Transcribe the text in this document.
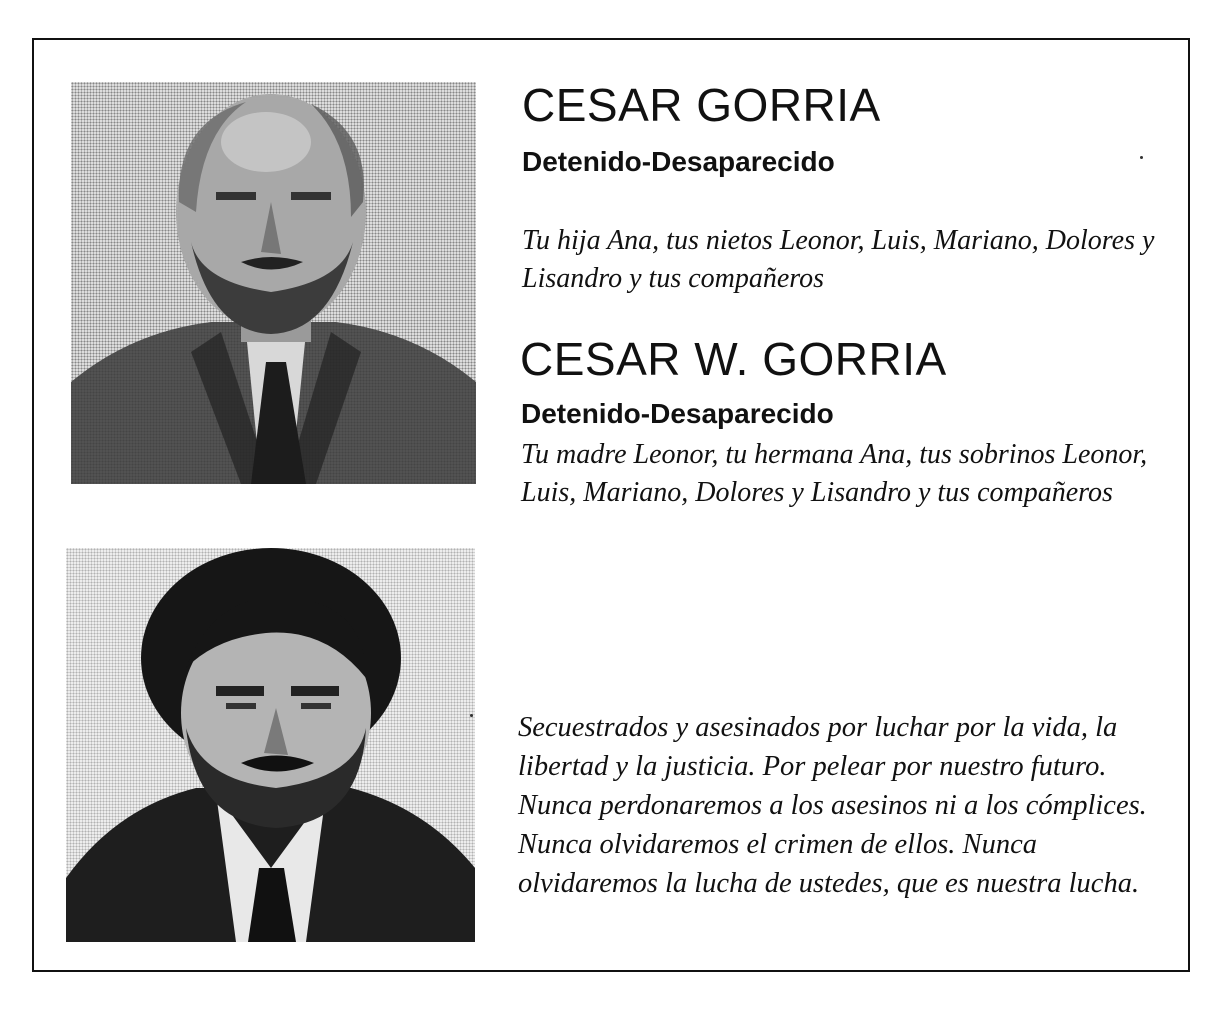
CESAR GORRIA
Detenido-Desaparecido

Tu hija Ana, tus nietos Leonor, Luis, Mariano, Dolores y Lisandro y tus compañeros

CESAR W. GORRIA
Detenido-Desaparecido

Tu madre Leonor, tu hermana Ana, tus sobrinos Leonor, Luis, Mariano, Dolores y Lisandro y tus compañeros

Secuestrados y asesinados por luchar por la vida, la libertad y la justicia. Por pelear por nuestro futuro. Nunca perdonaremos a los asesinos ni a los cómplices. Nunca olvidaremos el crimen de ellos. Nunca olvidaremos la lucha de ustedes, que es nuestra lucha.
